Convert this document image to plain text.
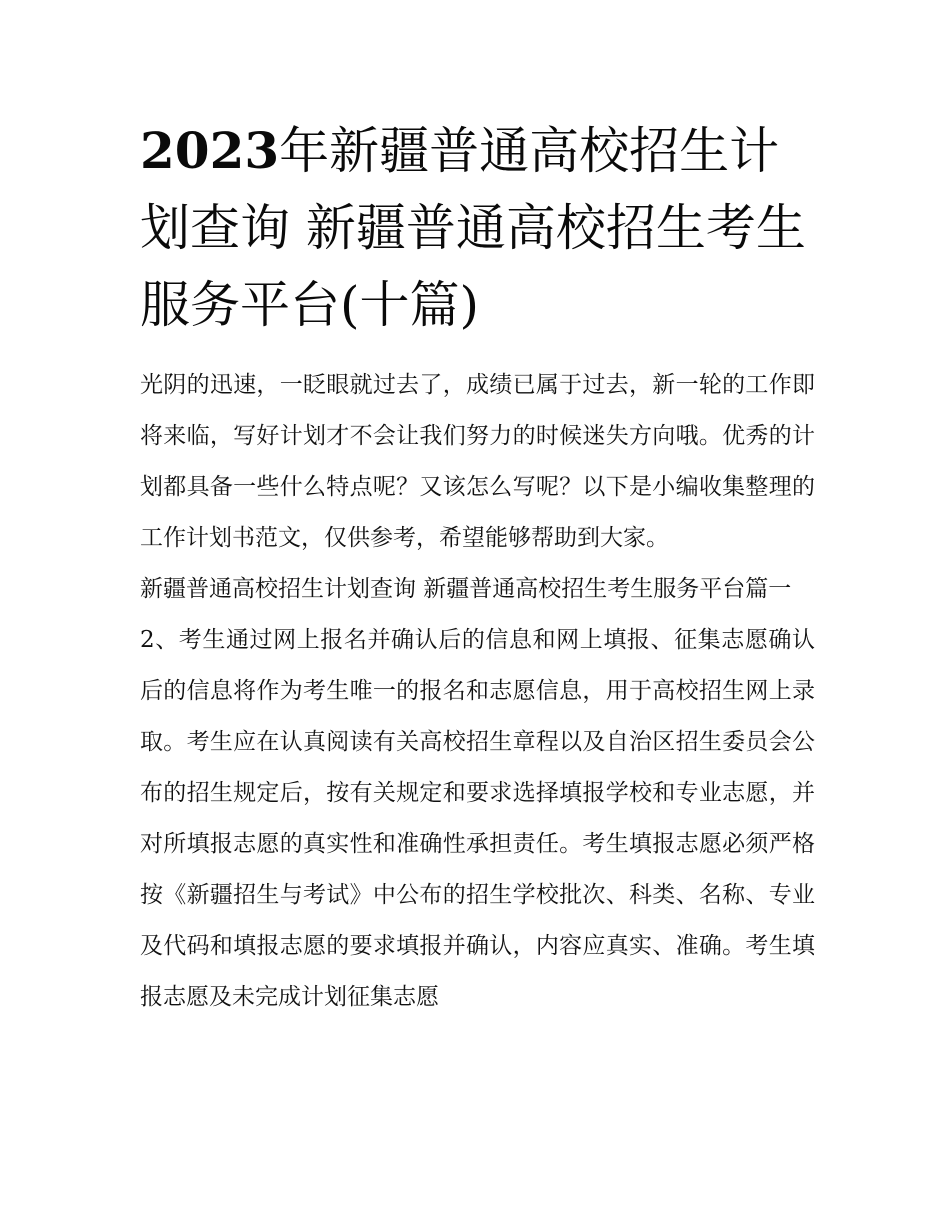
2023年新疆普通高校招生计划查询 新疆普通高校招生考生服务平台(十篇)

光阴的迅速，一眨眼就过去了，成绩已属于过去，新一轮的工作即将来临，写好计划才不会让我们努力的时候迷失方向哦。优秀的计划都具备一些什么特点呢？又该怎么写呢？以下是小编收集整理的工作计划书范文，仅供参考，希望能够帮助到大家。

新疆普通高校招生计划查询 新疆普通高校招生考生服务平台篇一

2、考生通过网上报名并确认后的信息和网上填报、征集志愿确认后的信息将作为考生唯一的报名和志愿信息，用于高校招生网上录取。考生应在认真阅读有关高校招生章程以及自治区招生委员会公布的招生规定后，按有关规定和要求选择填报学校和专业志愿，并对所填报志愿的真实性和准确性承担责任。考生填报志愿必须严格按《新疆招生与考试》中公布的招生学校批次、科类、名称、专业及代码和填报志愿的要求填报并确认，内容应真实、准确。考生填报志愿及未完成计划征集志愿
